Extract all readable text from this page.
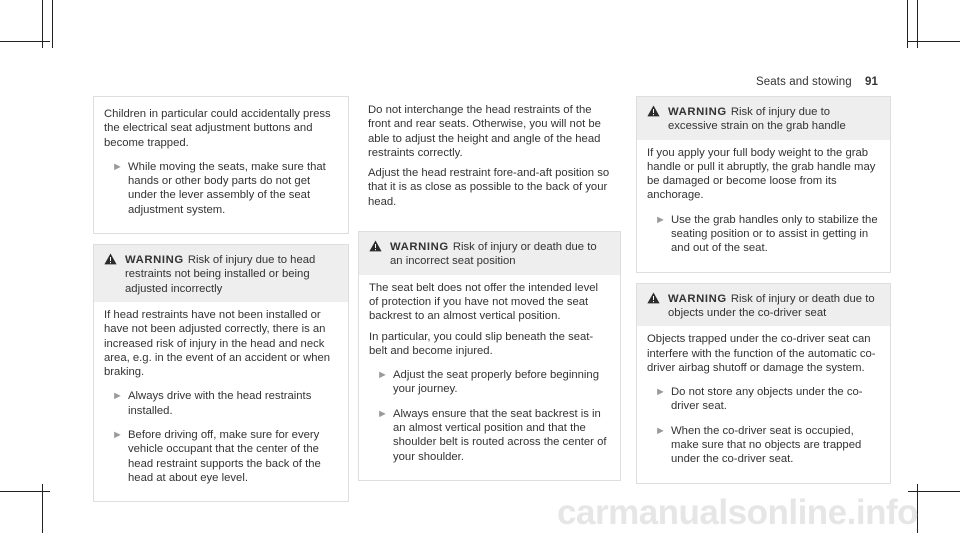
Seats and stowing 91

Children in particular could accidentally press the electrical seat adjustment buttons and become trapped.

► While moving the seats, make sure that hands or other body parts do not get under the lever assembly of the seat adjustment system.
WARNING Risk of injury due to head restraints not being installed or being adjusted incorrectly

If head restraints have not been installed or have not been adjusted correctly, there is an increased risk of injury in the head and neck area, e.g. in the event of an accident or when braking.

► Always drive with the head restraints installed.
► Before driving off, make sure for every vehicle occupant that the center of the head restraint supports the back of the head at about eye level.

Do not interchange the head restraints of the front and rear seats. Otherwise, you will not be able to adjust the height and angle of the head restraints correctly.

Adjust the head restraint fore-and-aft position so that it is as close as possible to the back of your head.

WARNING Risk of injury or death due to an incorrect seat position

The seat belt does not offer the intended level of protection if you have not moved the seat backrest to an almost vertical position.

In particular, you could slip beneath the seat-belt and become injured.

► Adjust the seat properly before beginning your journey.
► Always ensure that the seat backrest is in an almost vertical position and that the shoulder belt is routed across the center of your shoulder.
WARNING Risk of injury due to excessive strain on the grab handle

If you apply your full body weight to the grab handle or pull it abruptly, the grab handle may be damaged or become loose from its anchorage.

► Use the grab handles only to stabilize the seating position or to assist in getting in and out of the seat.
WARNING Risk of injury or death due to objects under the co-driver seat

Objects trapped under the co-driver seat can interfere with the function of the automatic co-driver airbag shutoff or damage the system.

► Do not store any objects under the co-driver seat.
► When the co-driver seat is occupied, make sure that no objects are trapped under the co-driver seat.
carmanualsonline.info
